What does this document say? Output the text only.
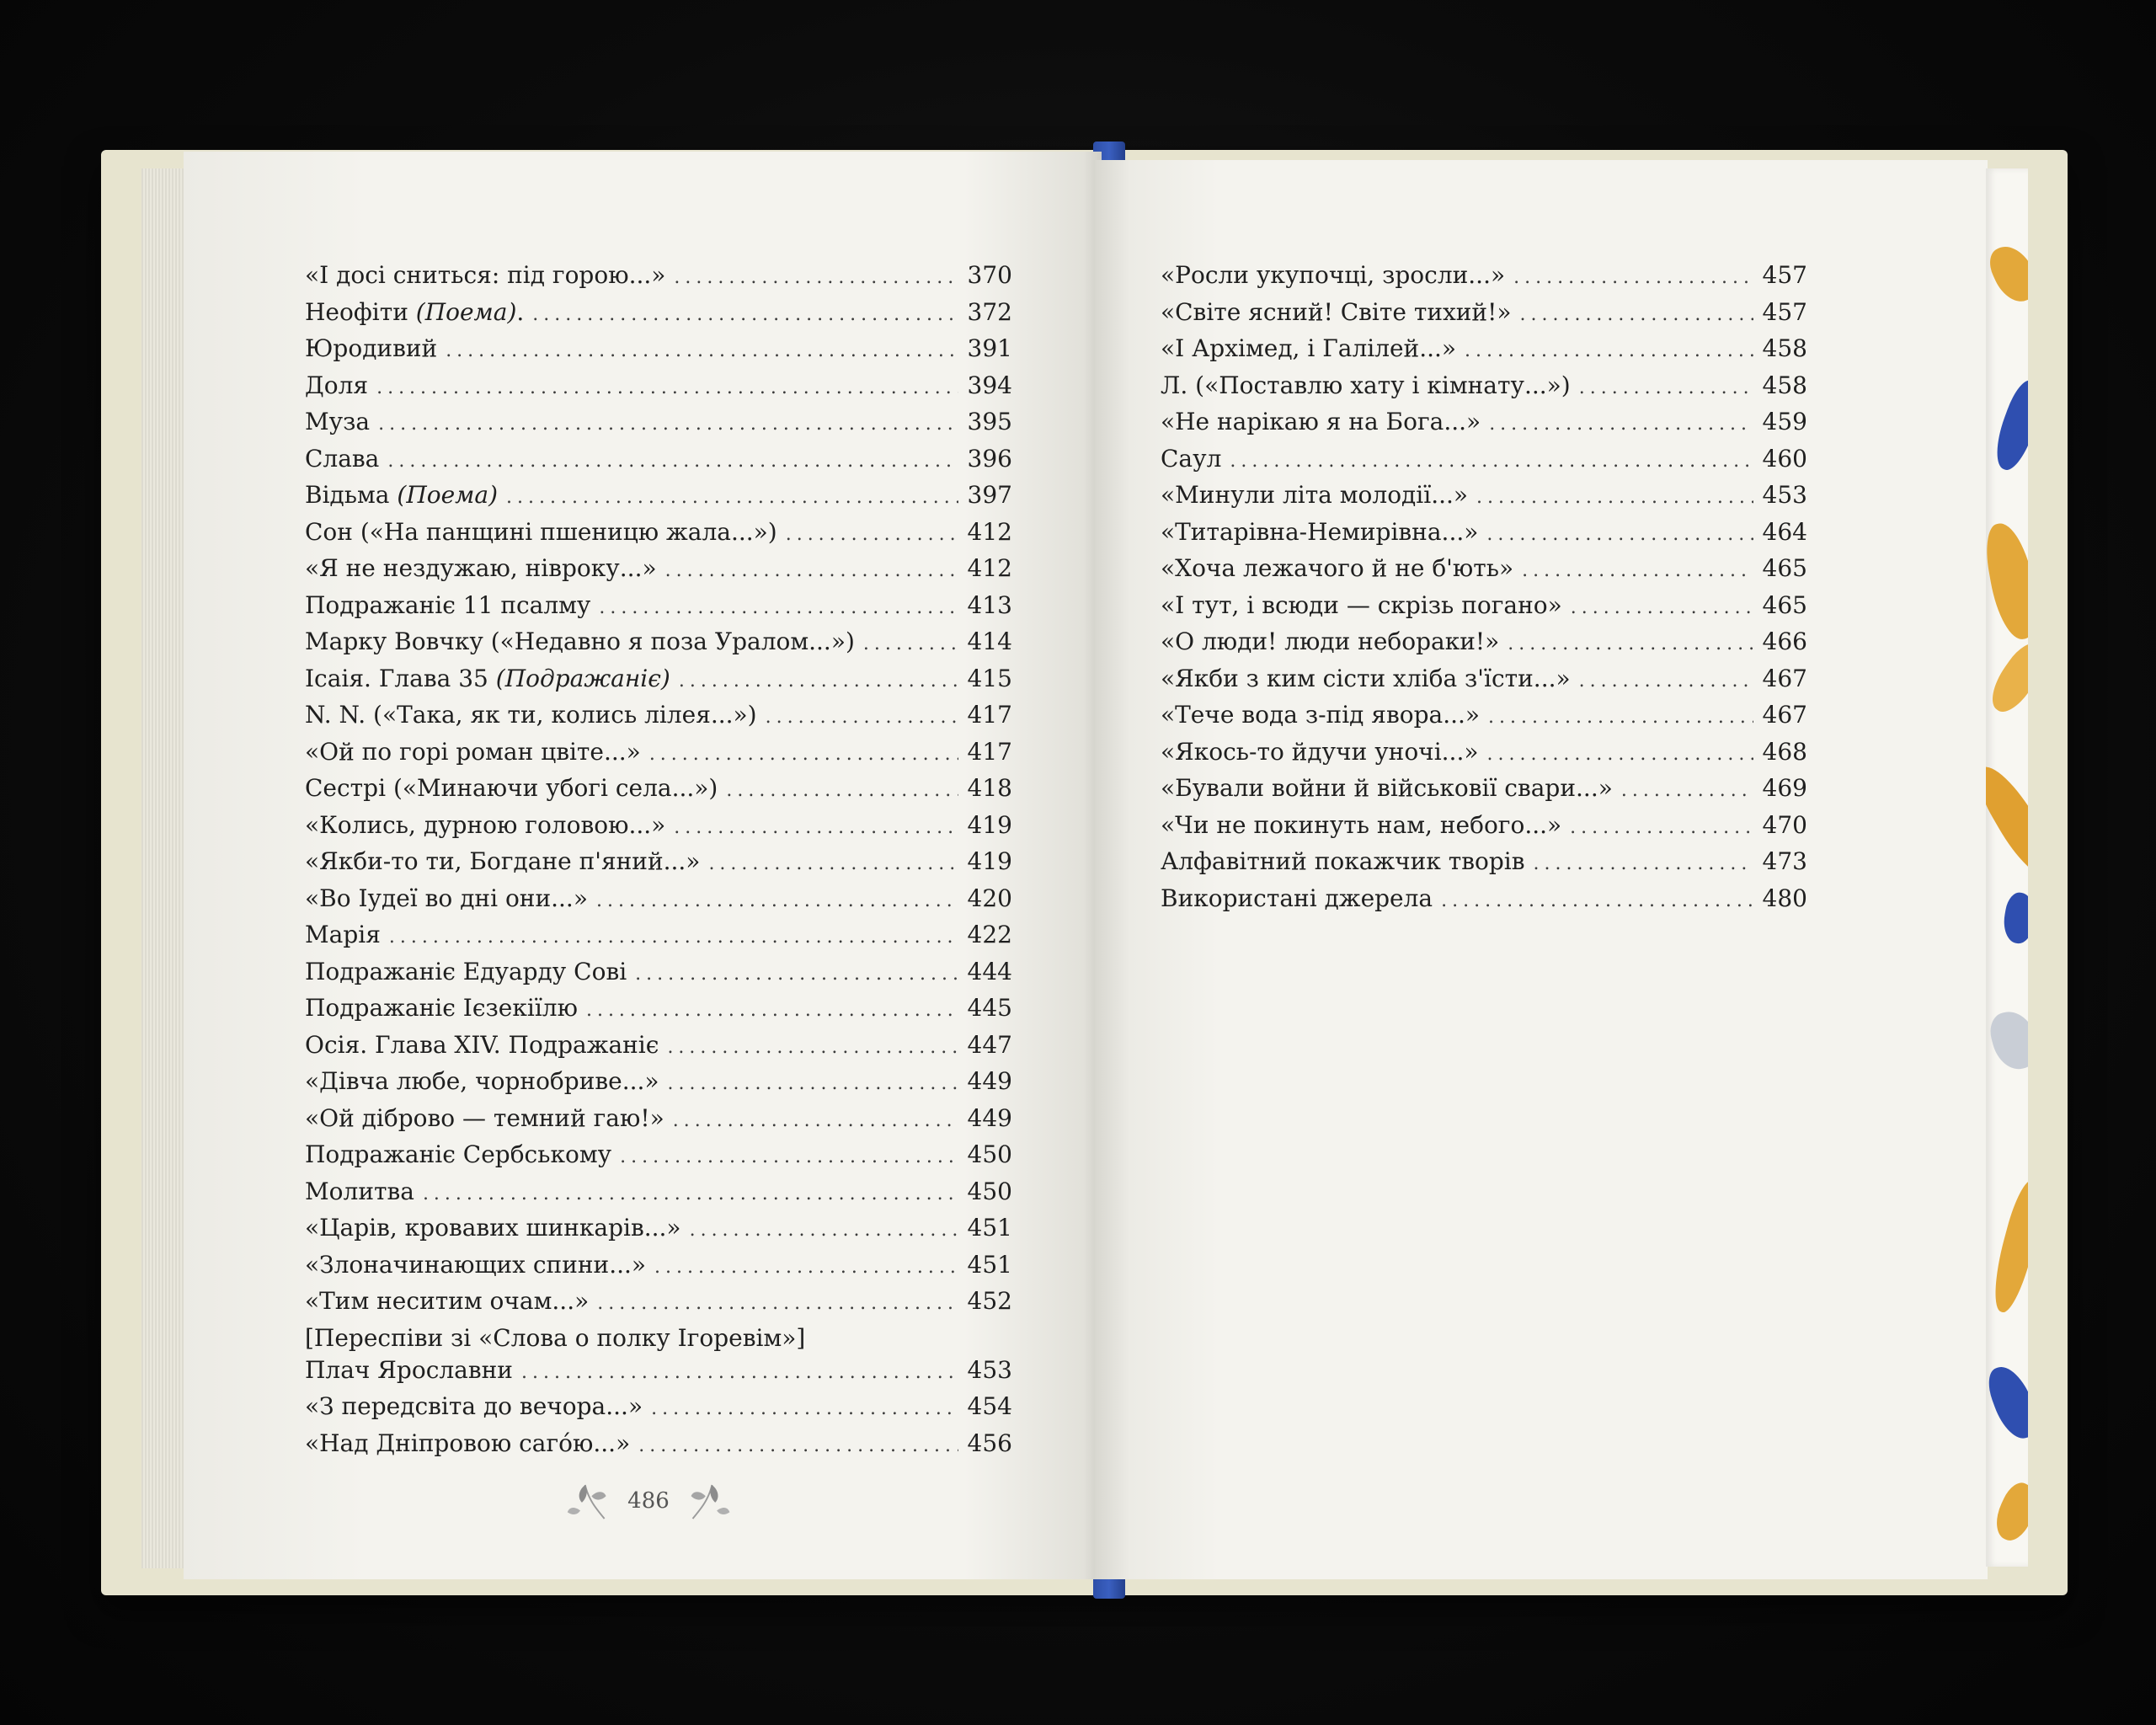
«І досі сниться: під горою...» .....	370
Неофіти (Поема). .....	372
Юродивий .....	391
Доля .....	394
Муза .....	395
Слава .....	396
Відьма (Поема) .....	397
Сон («На панщині пшеницю жала...») .....	412
«Я не нездужаю, нівроку...» .....	412
Подражаніє 11 псалму .....	413
Марку Вовчку («Недавно я поза Уралом...») .....	414
Ісаія. Глава 35 (Подражаніє) .....	415
N. N. («Така, як ти, колись лілея...») .....	417
«Ой по горі роман цвіте...» .....	417
Сестрі («Минаючи убогі села...») .....	418
«Колись, дурною головою...» .....	419
«Якби-то ти, Богдане п'яний...» .....	419
«Во Іудеї во дні они...» .....	420
Марія .....	422
Подражаніє Едуарду Сові .....	444
Подражаніє Ієзекіїлю .....	445
Осія. Глава XIV. Подражаніє .....	447
«Дівча любе, чорнобриве...» .....	449
«Ой діброво — темний гаю!» .....	449
Подражаніє Сербському .....	450
Молитва .....	450
«Царів, кровавих шинкарів...» .....	451
«Злоначинающих спини...» .....	451
«Тим неситим очам...» .....	452
[Переспіви зі «Слова о полку Ігоревім»]
Плач Ярославни .....	453
«З передсвіта до вечора...» .....	454
«Над Дніпровою сагóю...» .....	456
«Росли укупочці, зросли...» .....	457
«Світе ясний! Світе тихий!» .....	457
«І Архімед, і Галілей...» .....	458
Л. («Поставлю хату і кімнату...») .....	458
«Не нарікаю я на Бога...» .....	459
Саул .....	460
«Минули літа молодії...» .....	453
«Титарівна-Немирівна...» .....	464
«Хоча лежачого й не б'ють» .....	465
«І тут, і всюди — скрізь погано» .....	465
«О люди! люди небораки!» .....	466
«Якби з ким сісти хліба з'їсти...» .....	467
«Тече вода з-під явора...» .....	467
«Якось-то йдучи уночі...» .....	468
«Бували войни й військовії свари...» .....	469
«Чи не покинуть нам, небого...» .....	470
Алфавітний покажчик творів .....	473
Використані джерела .....	480
486
